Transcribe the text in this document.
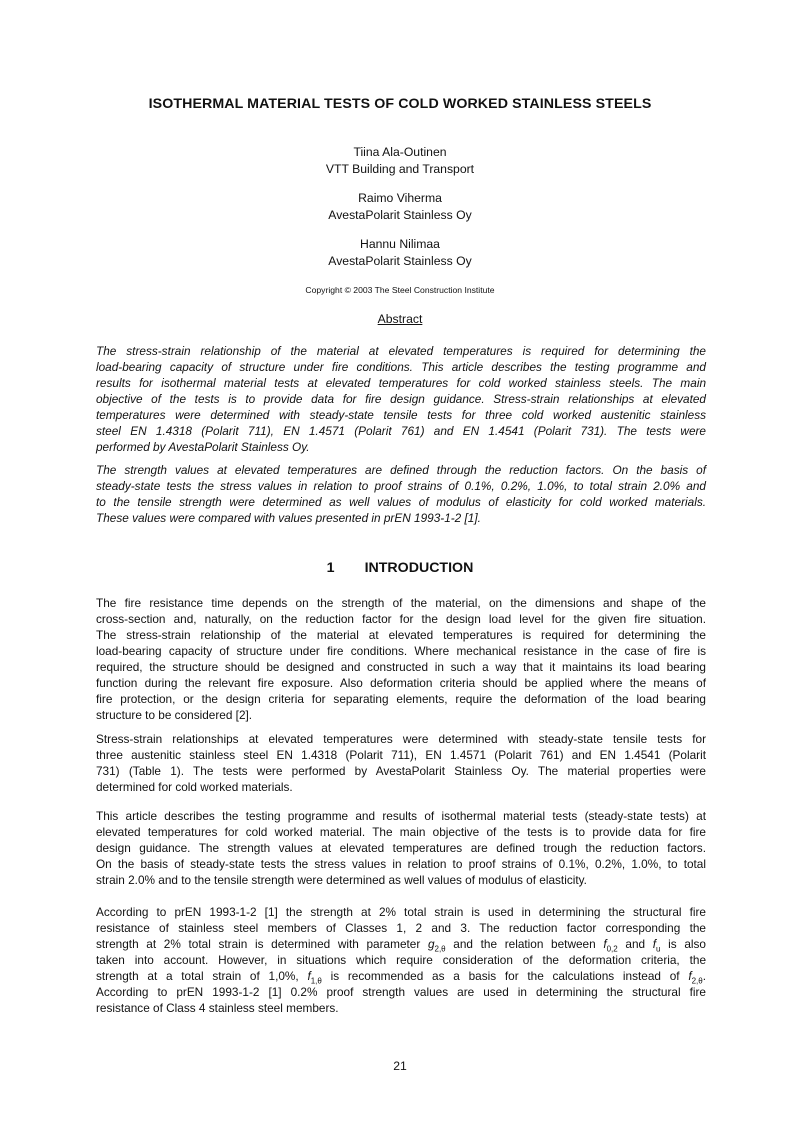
ISOTHERMAL MATERIAL TESTS OF COLD WORKED STAINLESS STEELS
Tiina Ala-Outinen
VTT Building and Transport
Raimo Viherma
AvestaPolarit Stainless Oy
Hannu Nilimaa
AvestaPolarit Stainless Oy
Copyright © 2003 The Steel Construction Institute
Abstract
The stress-strain relationship of the material at elevated temperatures is required for determining the
load-bearing capacity of structure under fire conditions. This article describes the testing programme and
results for isothermal material tests at elevated temperatures for cold worked stainless steels. The main
objective of the tests is to provide data for fire design guidance. Stress-strain relationships at elevated
temperatures were determined with steady-state tensile tests for three cold worked austenitic stainless
steel EN 1.4318 (Polarit 711), EN 1.4571 (Polarit 761) and EN 1.4541 (Polarit 731). The tests were
performed by AvestaPolarit Stainless Oy.
The strength values at elevated temperatures are defined through the reduction factors. On the basis of
steady-state tests the stress values in relation to proof strains of 0.1%, 0.2%, 1.0%, to total strain 2.0% and
to the tensile strength were determined as well values of modulus of elasticity for cold worked materials.
These values were compared with values presented in prEN 1993-1-2 [1].
1 INTRODUCTION
The fire resistance time depends on the strength of the material, on the dimensions and shape of the
cross-section and, naturally, on the reduction factor for the design load level for the given fire situation.
The stress-strain relationship of the material at elevated temperatures is required for determining the
load-bearing capacity of structure under fire conditions. Where mechanical resistance in the case of fire is
required, the structure should be designed and constructed in such a way that it maintains its load bearing
function during the relevant fire exposure. Also deformation criteria should be applied where the means of
fire protection, or the design criteria for separating elements, require the deformation of the load bearing
structure to be considered [2].
Stress-strain relationships at elevated temperatures were determined with steady-state tensile tests for
three austenitic stainless steel EN 1.4318 (Polarit 711), EN 1.4571 (Polarit 761) and EN 1.4541 (Polarit
731) (Table 1). The tests were performed by AvestaPolarit Stainless Oy. The material properties were
determined for cold worked materials.
This article describes the testing programme and results of isothermal material tests (steady-state tests) at
elevated temperatures for cold worked material. The main objective of the tests is to provide data for fire
design guidance. The strength values at elevated temperatures are defined trough the reduction factors.
On the basis of steady-state tests the stress values in relation to proof strains of 0.1%, 0.2%, 1.0%, to total
strain 2.0% and to the tensile strength were determined as well values of modulus of elasticity.
According to prEN 1993-1-2 [1] the strength at 2% total strain is used in determining the structural fire
resistance of stainless steel members of Classes 1, 2 and 3. The reduction factor corresponding the
strength at 2% total strain is determined with parameter $g_{2,\theta}$ and the relation between $f_{0,2}$ and $f_u$ is also
taken into account. However, in situations which require consideration of the deformation criteria, the
strength at a total strain of 1,0%, $f_{1,\theta}$ is recommended as a basis for the calculations instead of $f_{2,\theta}$.
According to prEN 1993-1-2 [1] 0.2% proof strength values are used in determining the structural fire
resistance of Class 4 stainless steel members.
21
